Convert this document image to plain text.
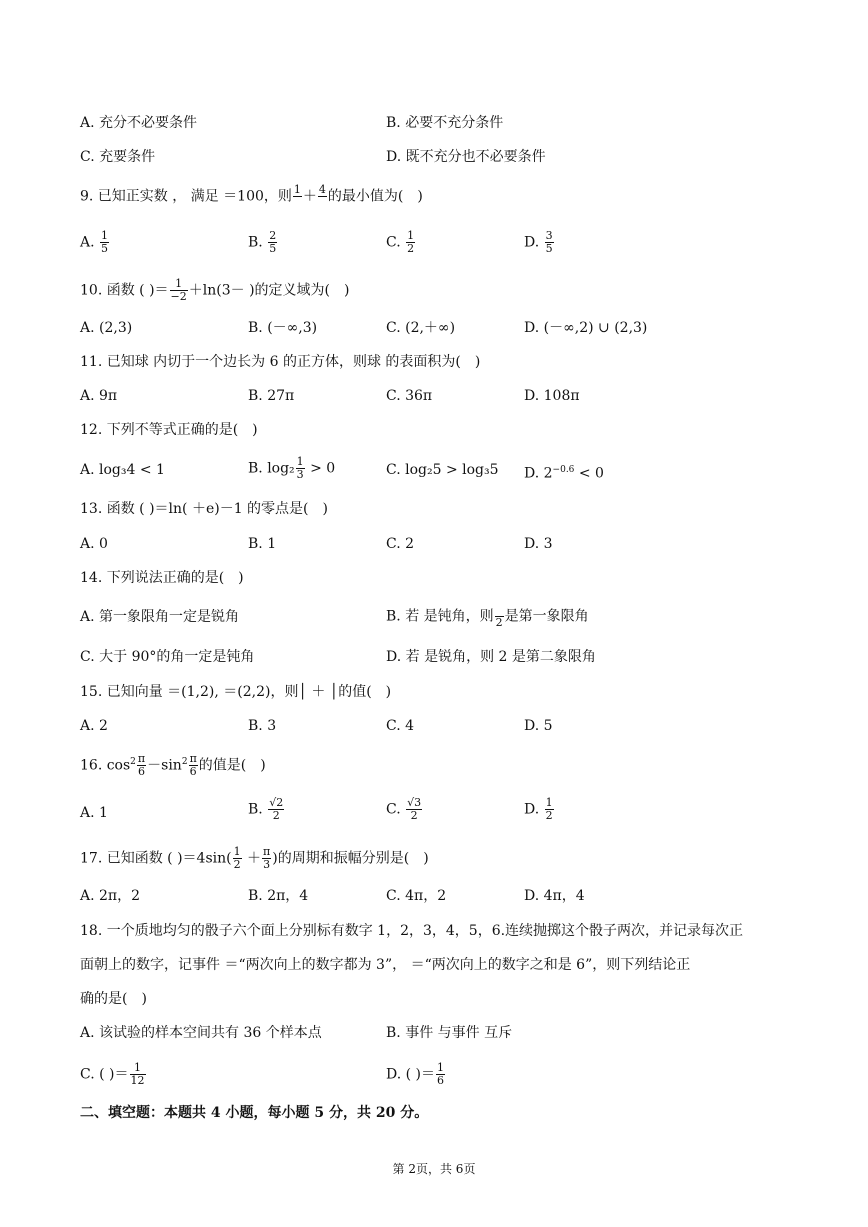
A. 充分不必要条件	B. 必要不充分条件
C. 充要条件	D. 既不充分也不必要条件
9. 已知正实数 ， 满足 ＝100，则 1
＋ 4
的最小值为(　)
A. $\frac{1}{5}$	B. $\frac{2}{5}$	C. $\frac{1}{2}$	D. $\frac{3}{5}$
10. 函数 ( )＝ $\frac{1}{-2} +\ln(3-$ )的定义域为(　)
A. (2,3)	B. (－∞,3)	C. (2,＋∞)	D. (－∞,2) ∪ (2,3)
11. 已知球 内切于一个边长为 6 的正方体，则球 的表面积为(　)
A. 9π	B. 27π	C. 36π	D. 108π
12. 下列不等式正确的是(　)
A. log₃4 < 1	B. $\log_2 \frac{1}{3} > 0$	C. log₂5 > log₃5 D. $2^{-0.6} < 0$
13. 函数 ( )＝ln( ＋e)－1 的零点是(　)
A. 0	B. 1	C. 2	D. 3
14. 下列说法正确的是(　)
A. 第一象限角一定是锐角	B. 若 是钝角，则
2 是第一象限角
C. 大于 90°的角一定是钝角	D. 若 是锐角，则 2 是第二象限角
15. 已知向量 ＝(1,2), ＝(2,2)，则│ ＋ │的值(　)
A. 2	B. 3	C. 4	D. 5
16. $\cos^2 \frac{\pi}{6} -\sin^2 \frac{\pi}{6}$ 的值是(　)
A. 1	B. $\frac{√2}{2}$	C. $\frac{√3}{2}$	D. $\frac{1}{2}$
17. 已知函数 ( )$=4\sin( \frac{1}{2} + \frac{\pi}{3}$ )的周期和振幅分别是(　)
A. 2π，2	B. 2π，4	C. 4π，2	D. 4π，4
18. 一个质地均匀的骰子六个面上分别标有数字 1，2，3，4，5，6.连续抛掷这个骰子两次，并记录每次正
面朝上的数字，记事件 ＝“两次向上的数字都为 3”， ＝“两次向上的数字之和是 6”，则下列结论正
确的是(　)
A. 该试验的样本空间共有 36 个样本点	B. 事件 与事件 互斥
C. ( )＝ $\frac{1}{12}$	D. ( )＝ $\frac{1}{6}$
二、填空题：本题共 4 小题，每小题 5 分，共 20 分。
第 2页，共 6页
